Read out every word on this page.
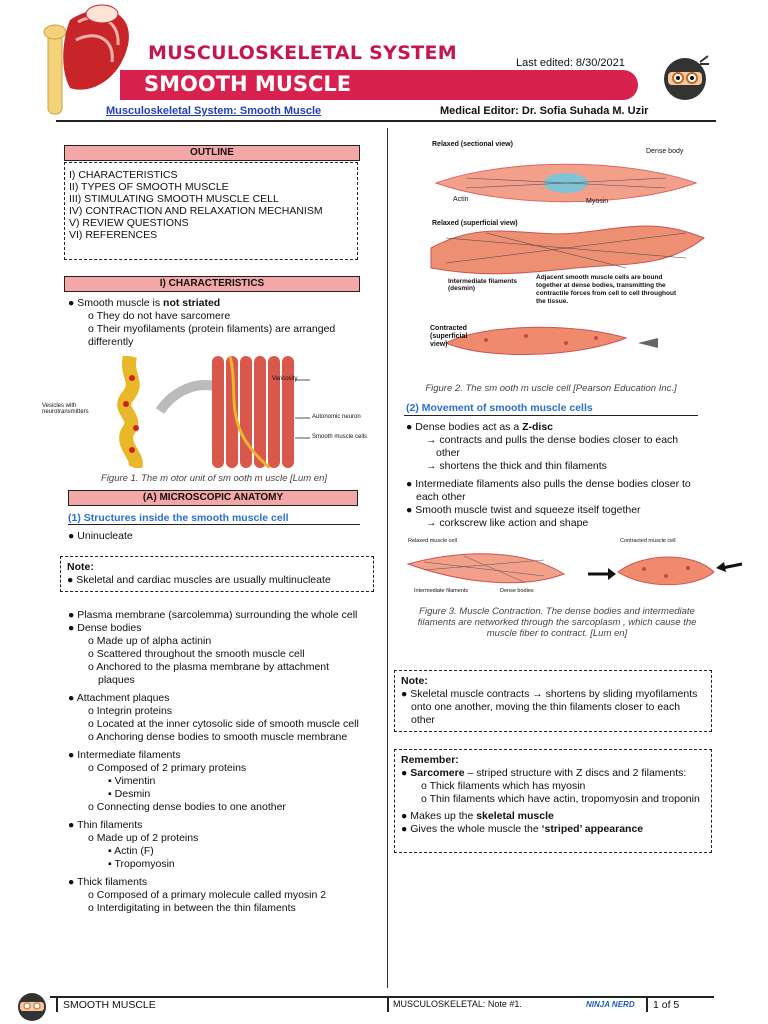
MUSCULOSKELETAL SYSTEM
SMOOTH MUSCLE
Last edited: 8/30/2021
Musculoskeletal System: Smooth Muscle	Medical Editor: Dr. Sofia Suhada M. Uzir
OUTLINE
I) CHARACTERISTICS
II) TYPES OF SMOOTH MUSCLE
III) STIMULATING SMOOTH MUSCLE CELL
IV) CONTRACTION AND RELAXATION MECHANISM
V) REVIEW QUESTIONS
VI) REFERENCES
I) CHARACTERISTICS
● Smooth muscle is not striated
o They do not have sarcomere
o Their myofilaments (protein filaments) are arranged differently
Varicosity
Vesicles with neurotransmitters
Autonomic neuron
Smooth muscle cells
Figure 1. The m otor unit of sm ooth m uscle [Lum en]
(A) MICROSCOPIC ANATOMY
(1) Structures inside the smooth muscle cell
● Uninucleate
Note:
● Skeletal and cardiac muscles are usually multinucleate
● Plasma membrane (sarcolemma) surrounding the whole cell
● Dense bodies
o Made up of alpha actinin
o Scattered throughout the smooth muscle cell
o Anchored to the plasma membrane by attachment plaques
● Attachment plaques
o Integrin proteins
o Located at the inner cytosolic side of smooth muscle cell
o Anchoring dense bodies to smooth muscle membrane
● Intermediate filaments
o Composed of 2 primary proteins
▪ Vimentin
▪ Desmin
o Connecting dense bodies to one another
● Thin filaments
o Made up of 2 proteins
▪ Actin (F)
▪ Tropomyosin
● Thick filaments
o Composed of a primary molecule called myosin 2
o Interdigitating in between the thin filaments
Relaxed (sectional view)
Dense body
Actin	Myosin
Relaxed (superficial view)
Intermediate filaments (desmin)
Adjacent smooth muscle cells are bound together at dense bodies, transmitting the contractile forces from cell to cell throughout the tissue.
Contracted (superficial view)
Figure 2. The sm ooth m uscle cell [Pearson Education Inc.]
(2) Movement of smooth muscle cells
● Dense bodies act as a Z-disc
→ contracts and pulls the dense bodies closer to each other
→ shortens the thick and thin filaments
● Intermediate filaments also pulls the dense bodies closer to each other
● Smooth muscle twist and squeeze itself together
→ corkscrew like action and shape
Relaxed muscle cell
Intermediate filaments	Dense bodies
Contracted muscle cell
Figure 3. Muscle Contraction. The dense bodies and intermediate filaments are networked through the sarcoplasm , which cause the muscle fiber to contract. [Lum en]
Note:
● Skeletal muscle contracts → shortens by sliding myofilaments onto one another, moving the thin filaments closer to each other
Remember:
● Sarcomere – striped structure with Z discs and 2 filaments:
o Thick filaments which has myosin
o Thin filaments which have actin, tropomyosin and troponin
● Makes up the skeletal muscle
● Gives the whole muscle the ‘striped’ appearance
SMOOTH MUSCLE	MUSCULOSKELETAL: Note #1.	NINJA NERD 1 of 5
